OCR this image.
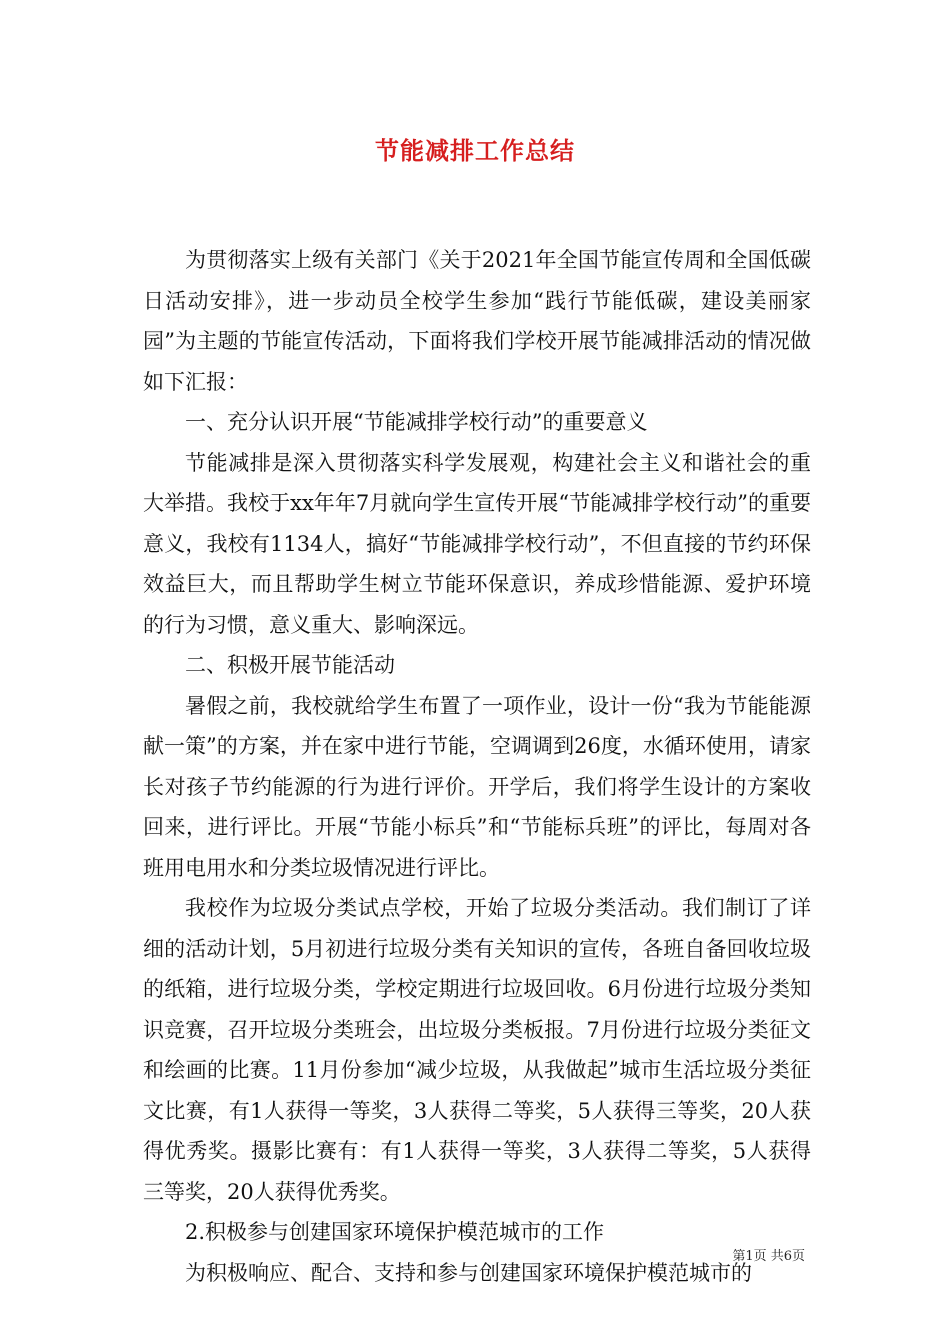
节能减排工作总结

为贯彻落实上级有关部门《关于2021年全国节能宣传周和全国低碳日活动安排》，进一步动员全校学生参加“践行节能低碳，建设美丽家园”为主题的节能宣传活动，下面将我们学校开展节能减排活动的情况做如下汇报：

一、充分认识开展“节能减排学校行动”的重要意义

节能减排是深入贯彻落实科学发展观，构建社会主义和谐社会的重大举措。我校于xx年年7月就向学生宣传开展“节能减排学校行动”的重要意义，我校有1134人，搞好“节能减排学校行动”，不但直接的节约环保效益巨大，而且帮助学生树立节能环保意识，养成珍惜能源、爱护环境的行为习惯，意义重大、影响深远。

二、积极开展节能活动

暑假之前，我校就给学生布置了一项作业，设计一份“我为节能能源献一策”的方案，并在家中进行节能，空调调到26度，水循环使用，请家长对孩子节约能源的行为进行评价。开学后，我们将学生设计的方案收回来，进行评比。开展“节能小标兵”和“节能标兵班”的评比，每周对各班用电用水和分类垃圾情况进行评比。

我校作为垃圾分类试点学校，开始了垃圾分类活动。我们制订了详细的活动计划，5月初进行垃圾分类有关知识的宣传，各班自备回收垃圾的纸箱，进行垃圾分类，学校定期进行垃圾回收。6月份进行垃圾分类知识竞赛，召开垃圾分类班会，出垃圾分类板报。7月份进行垃圾分类征文和绘画的比赛。11月份参加“减少垃圾，从我做起”城市生活垃圾分类征文比赛，有1人获得一等奖，3人获得二等奖，5人获得三等奖，20人获得优秀奖。摄影比赛有：有1人获得一等奖，3人获得二等奖，5人获得三等奖，20人获得优秀奖。

2.积极参与创建国家环境保护模范城市的工作

为积极响应、配合、支持和参与创建国家环境保护模范城市的

第1页 共6页
